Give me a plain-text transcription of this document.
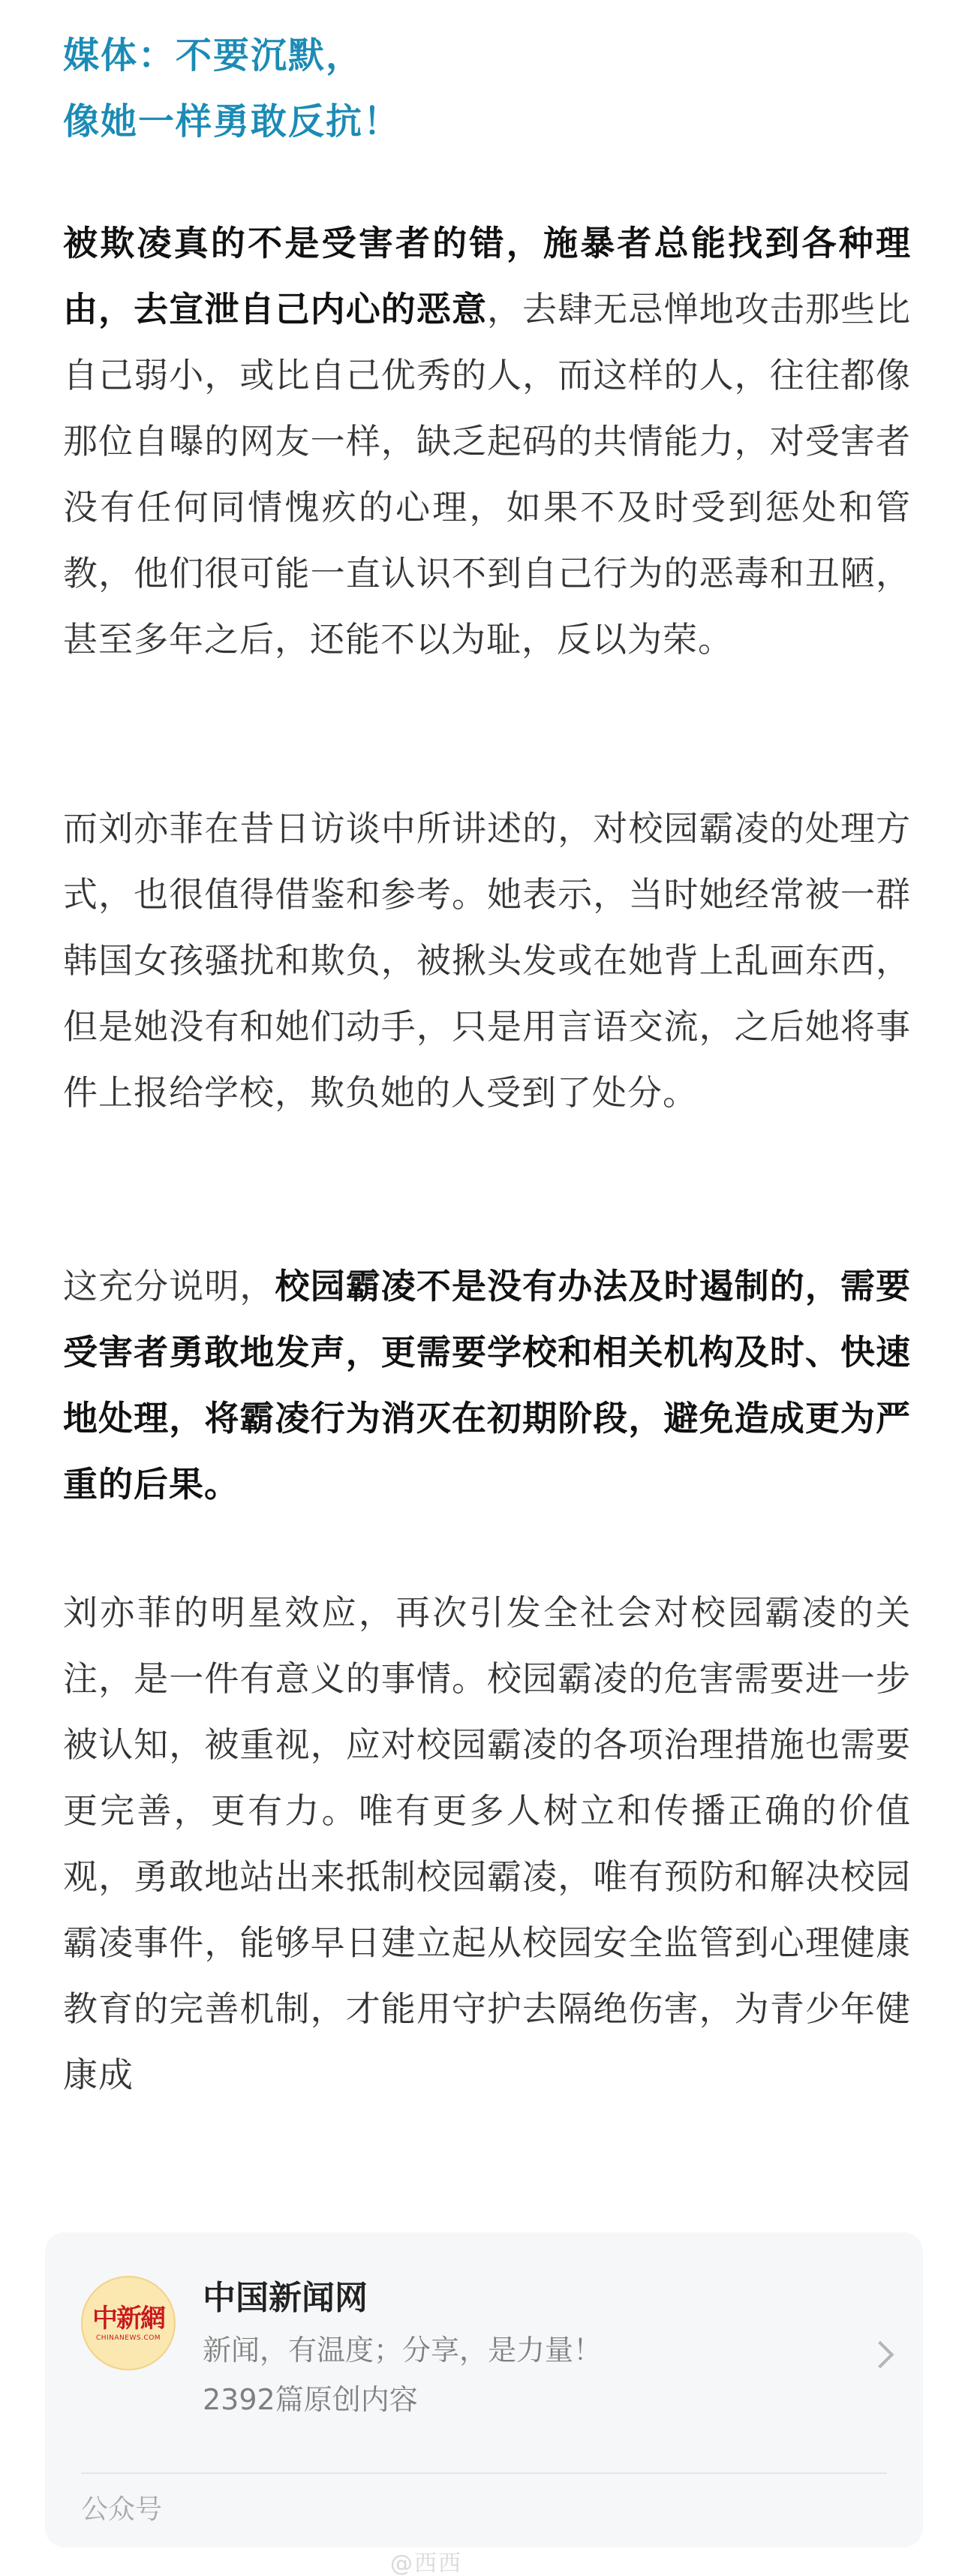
媒体：不要沉默，
像她一样勇敢反抗！

被欺凌真的不是受害者的错，施暴者总能找到各种理由，去宣泄自己内心的恶意，去肆无忌惮地攻击那些比自己弱小，或比自己优秀的人，而这样的人，往往都像那位自曝的网友一样，缺乏起码的共情能力，对受害者没有任何同情愧疚的心理，如果不及时受到惩处和管教，他们很可能一直认识不到自己行为的恶毒和丑陋，甚至多年之后，还能不以为耻，反以为荣。

而刘亦菲在昔日访谈中所讲述的，对校园霸凌的处理方式，也很值得借鉴和参考。她表示，当时她经常被一群韩国女孩骚扰和欺负，被揪头发或在她背上乱画东西，但是她没有和她们动手，只是用言语交流，之后她将事件上报给学校，欺负她的人受到了处分。

这充分说明，校园霸凌不是没有办法及时遏制的，需要受害者勇敢地发声，更需要学校和相关机构及时、快速地处理，将霸凌行为消灭在初期阶段，避免造成更为严重的后果。

刘亦菲的明星效应，再次引发全社会对校园霸凌的关注，是一件有意义的事情。校园霸凌的危害需要进一步被认知，被重视，应对校园霸凌的各项治理措施也需要更完善，更有力。唯有更多人树立和传播正确的价值观，勇敢地站出来抵制校园霸凌，唯有预防和解决校园霸凌事件，能够早日建立起从校园安全监管到心理健康教育的完善机制，才能用守护去隔绝伤害，为青少年健康成

中新網
CHINANEWS.COM
中国新闻网
新闻，有温度；分享，是力量！
2392篇原创内容
公众号
@西西
